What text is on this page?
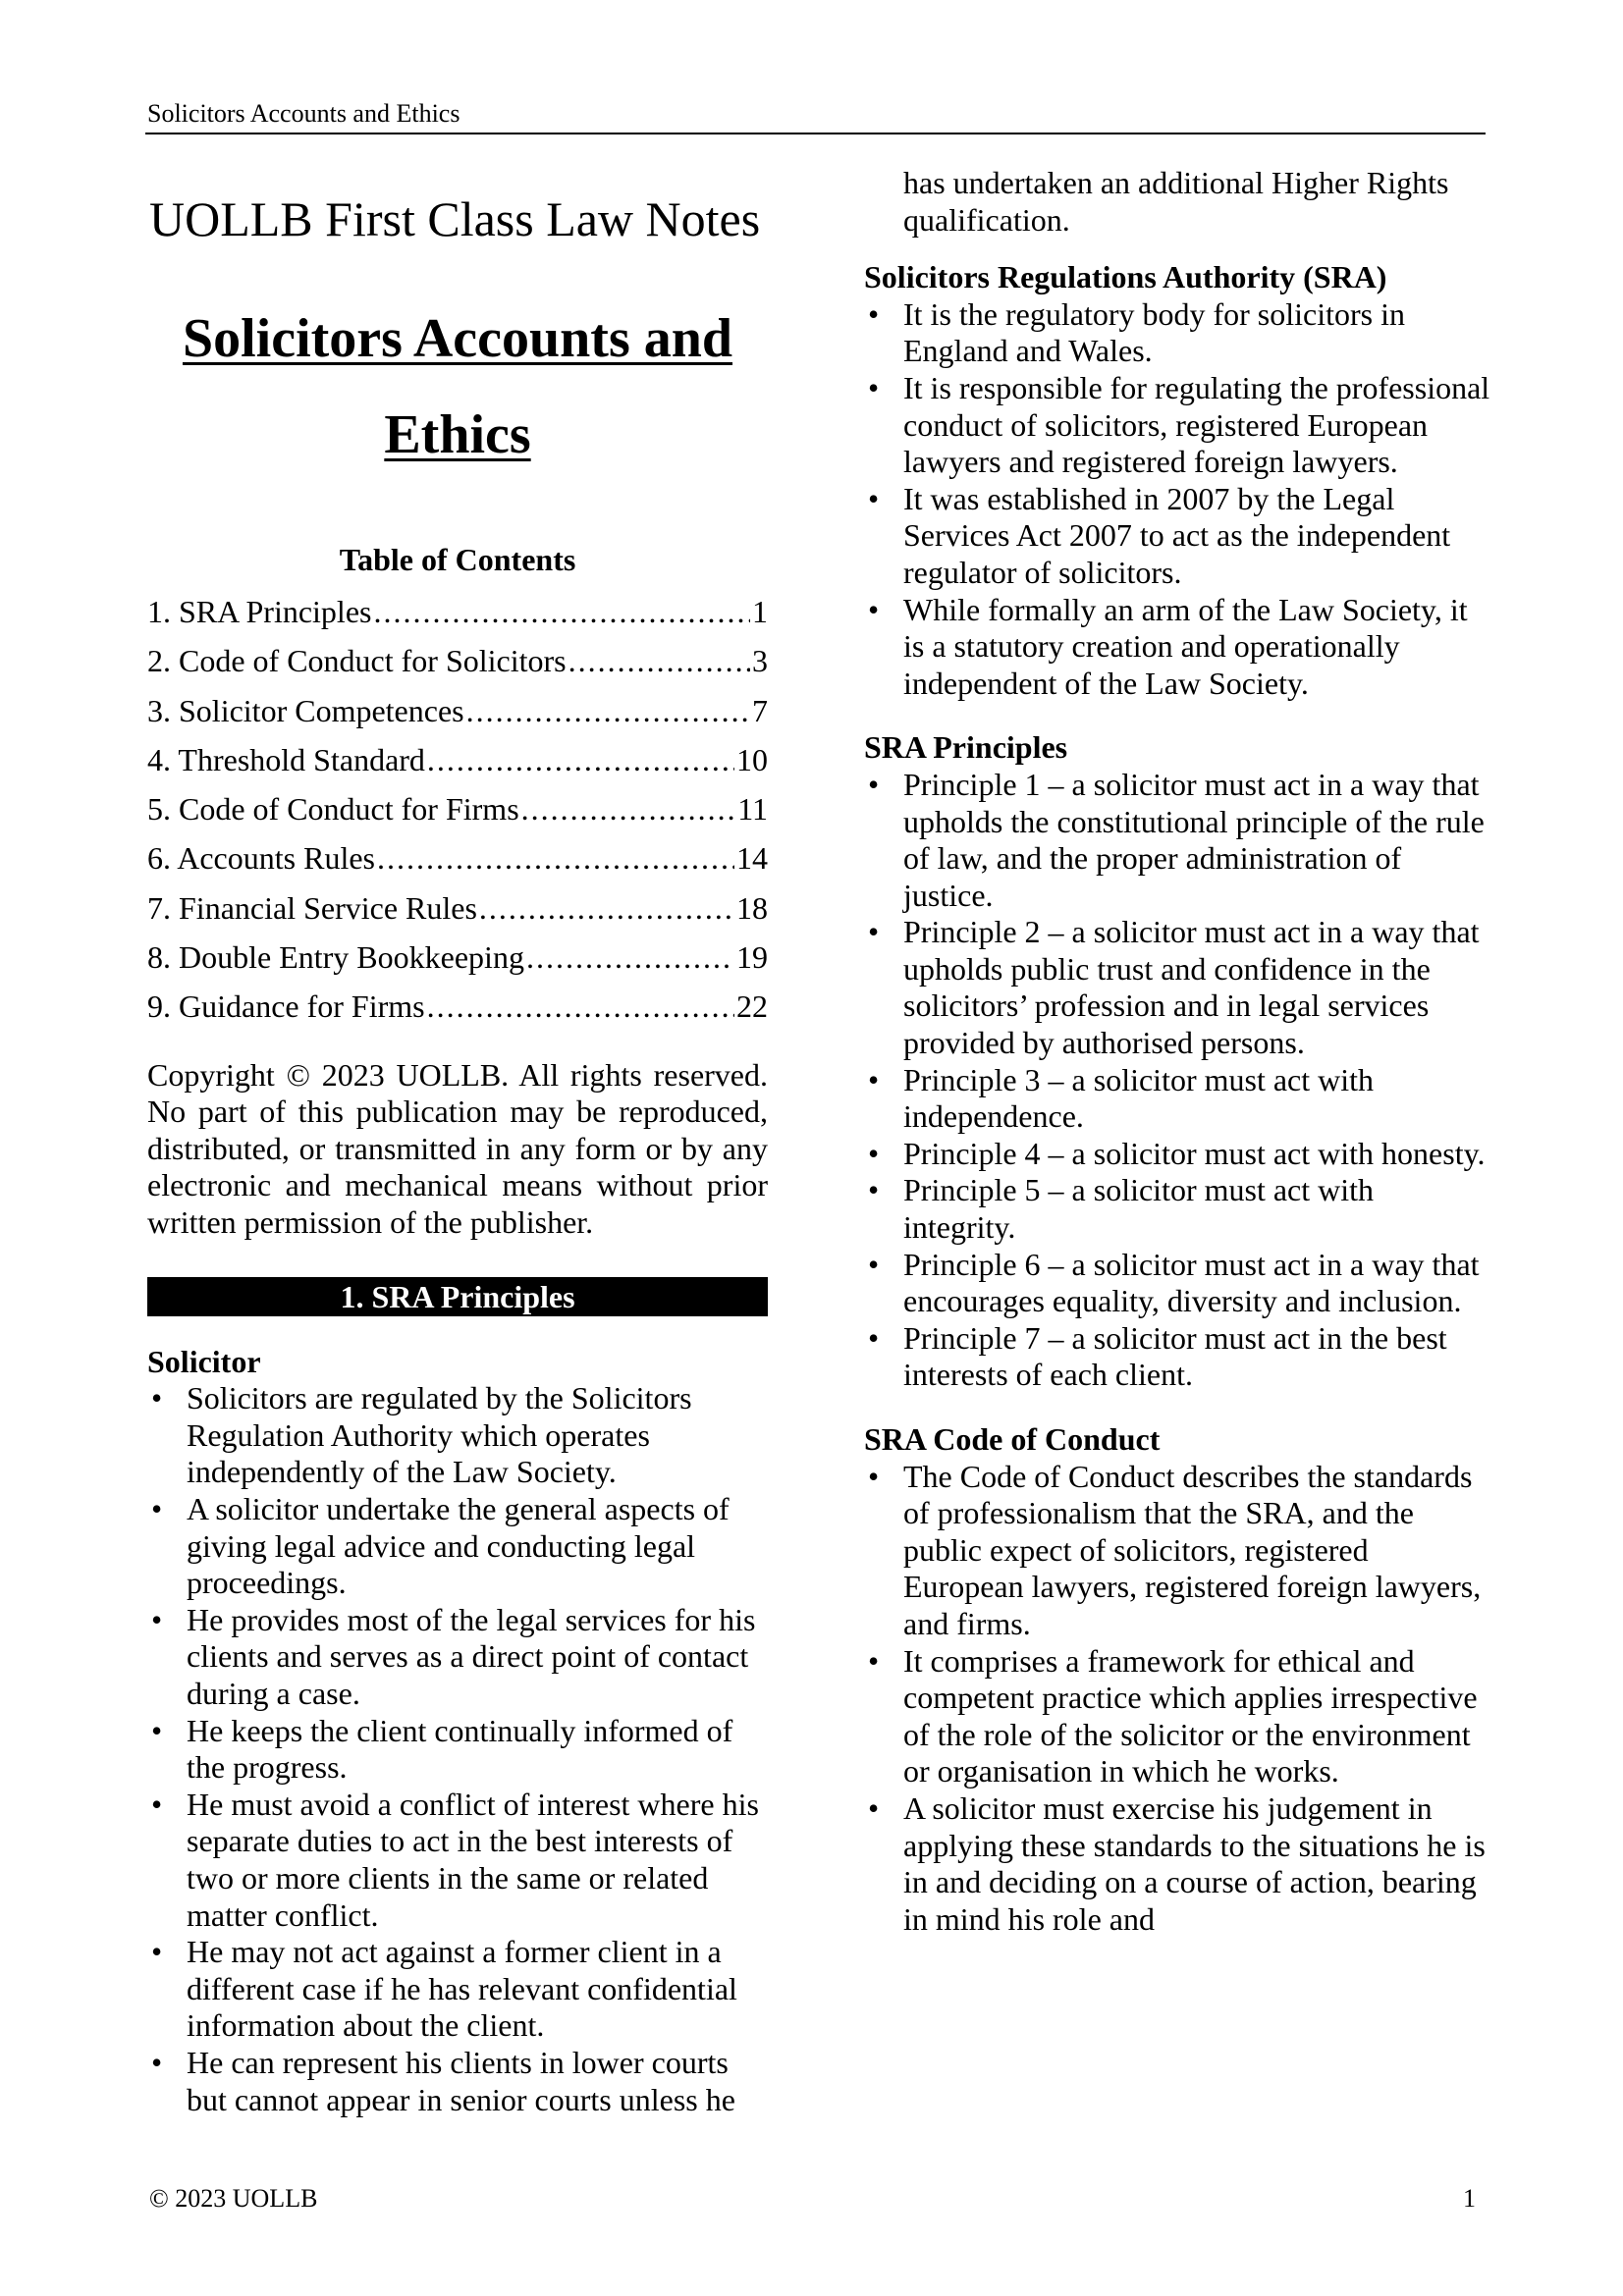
Solicitors Accounts and Ethics
UOLLB First Class Law Notes
Solicitors Accounts and
Ethics
Table of Contents
1. SRA Principles .....	1
2. Code of Conduct for Solicitors .....	3
3. Solicitor Competences .....	7
4. Threshold Standard .....	10
5. Code of Conduct for Firms .....	11
6. Accounts Rules .....	14
7. Financial Service Rules .....	18
8. Double Entry Bookkeeping .....	19
9. Guidance for Firms .....	22
Copyright © 2023 UOLLB. All rights reserved. No part of this publication may be reproduced, distributed, or transmitted in any form or by any electronic and mechanical means without prior written permission of the publisher.
1. SRA Principles
Solicitor
• Solicitors are regulated by the Solicitors Regulation Authority which operates independently of the Law Society.
• A solicitor undertake the general aspects of giving legal advice and conducting legal proceedings.
• He provides most of the legal services for his clients and serves as a direct point of contact during a case.
• He keeps the client continually informed of the progress.
• He must avoid a conflict of interest where his separate duties to act in the best interests of two or more clients in the same or related matter conflict.
• He may not act against a former client in a different case if he has relevant confidential information about the client.
• He can represent his clients in lower courts but cannot appear in senior courts unless he
has undertaken an additional Higher Rights qualification.
Solicitors Regulations Authority (SRA)
• It is the regulatory body for solicitors in England and Wales.
• It is responsible for regulating the professional conduct of solicitors, registered European lawyers and registered foreign lawyers.
• It was established in 2007 by the Legal Services Act 2007 to act as the independent regulator of solicitors.
• While formally an arm of the Law Society, it is a statutory creation and operationally independent of the Law Society.
SRA Principles
• Principle 1 – a solicitor must act in a way that upholds the constitutional principle of the rule of law, and the proper administration of justice.
• Principle 2 – a solicitor must act in a way that upholds public trust and confidence in the solicitors’ profession and in legal services provided by authorised persons.
• Principle 3 – a solicitor must act with independence.
• Principle 4 – a solicitor must act with honesty.
• Principle 5 – a solicitor must act with integrity.
• Principle 6 – a solicitor must act in a way that encourages equality, diversity and inclusion.
• Principle 7 – a solicitor must act in the best interests of each client.
SRA Code of Conduct
• The Code of Conduct describes the standards of professionalism that the SRA, and the public expect of solicitors, registered European lawyers, registered foreign lawyers, and firms.
• It comprises a framework for ethical and competent practice which applies irrespective of the role of the solicitor or the environment or organisation in which he works.
• A solicitor must exercise his judgement in applying these standards to the situations he is in and deciding on a course of action, bearing in mind his role and
© 2023 UOLLB	1
